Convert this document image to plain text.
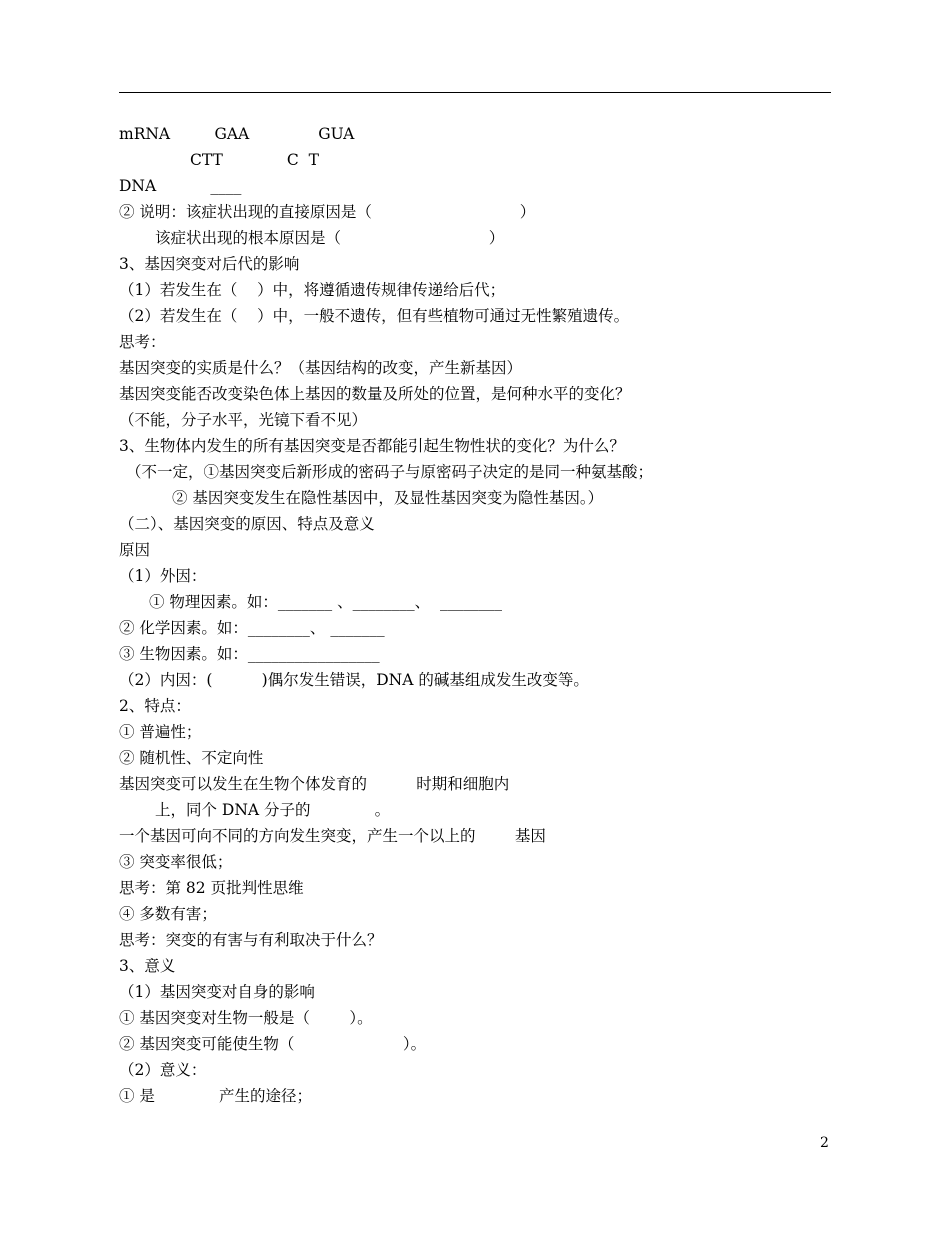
mRNA         GAA              GUA
CTT             C  T
DNA           ____
② 说明：该症状出现的直接原因是（                              ）
该症状出现的根本原因是（                              ）
3、基因突变对后代的影响
（1）若发生在（    ）中，将遵循遗传规律传递给后代；
（2）若发生在（    ）中，一般不遗传，但有些植物可通过无性繁殖遗传。
思考：
基因突变的实质是什么？（基因结构的改变，产生新基因）
基因突变能否改变染色体上基因的数量及所处的位置，是何种水平的变化？
（不能，分子水平，光镜下看不见）
3、生物体内发生的所有基因突变是否都能引起生物性状的变化？为什么？
（不一定，①基因突变后新形成的密码子与原密码子决定的是同一种氨基酸；
② 基因突变发生在隐性基因中，及显性基因突变为隐性基因。）
（二）、基因突变的原因、特点及意义
原因
（1）外因：
① 物理因素。如：_______ 、________、  ________
② 化学因素。如：________、 _______
③ 生物因素。如：_________________
（2）内因：(          )偶尔发生错误，DNA 的碱基组成发生改变等。
2、特点：
① 普遍性；
② 随机性、不定向性
基因突变可以发生在生物个体发育的          时期和细胞内
上，同个 DNA 分子的             。
一个基因可向不同的方向发生突变，产生一个以上的        基因
③ 突变率很低；
思考：第 82 页批判性思维
④ 多数有害；
思考：突变的有害与有利取决于什么？
3、意义
（1）基因突变对自身的影响
① 基因突变对生物一般是（        ）。
② 基因突变可能使生物（                      ）。
（2）意义：
① 是             产生的途径；
2
